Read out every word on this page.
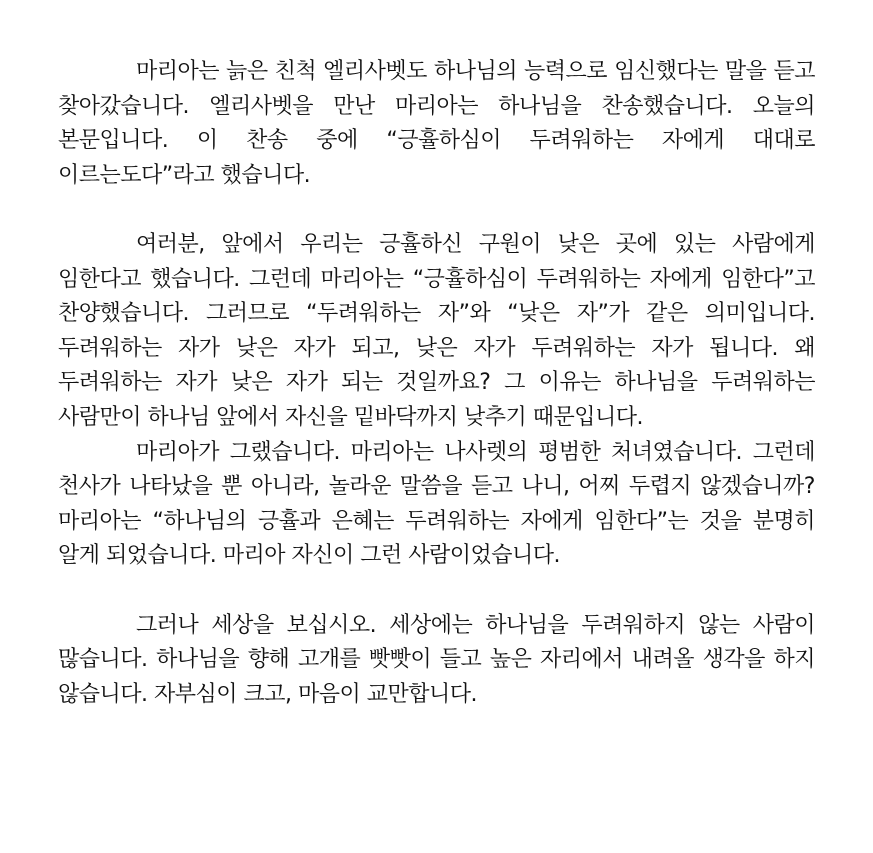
마리아는 늙은 친척 엘리사벳도 하나님의 능력으로 임신했다는 말을 듣고 찾아갔습니다. 엘리사벳을 만난 마리아는 하나님을 찬송했습니다. 오늘의 본문입니다. 이 찬송 중에 “긍휼하심이 두려워하는 자에게 대대로 이르는도다”라고 했습니다.

여러분, 앞에서 우리는 긍휼하신 구원이 낮은 곳에 있는 사람에게 임한다고 했습니다. 그런데 마리아는 “긍휼하심이 두려워하는 자에게 임한다”고 찬양했습니다. 그러므로 “두려워하는 자”와 “낮은 자”가 같은 의미입니다. 두려워하는 자가 낮은 자가 되고, 낮은 자가 두려워하는 자가 됩니다. 왜 두려워하는 자가 낮은 자가 되는 것일까요? 그 이유는 하나님을 두려워하는 사람만이 하나님 앞에서 자신을 밑바닥까지 낮추기 때문입니다.

마리아가 그랬습니다. 마리아는 나사렛의 평범한 처녀였습니다. 그런데 천사가 나타났을 뿐 아니라, 놀라운 말씀을 듣고 나니, 어찌 두렵지 않겠습니까? 마리아는 “하나님의 긍휼과 은혜는 두려워하는 자에게 임한다”는 것을 분명히 알게 되었습니다. 마리아 자신이 그런 사람이었습니다.

그러나 세상을 보십시오. 세상에는 하나님을 두려워하지 않는 사람이 많습니다. 하나님을 향해 고개를 빳빳이 들고 높은 자리에서 내려올 생각을 하지 않습니다. 자부심이 크고, 마음이 교만합니다.
